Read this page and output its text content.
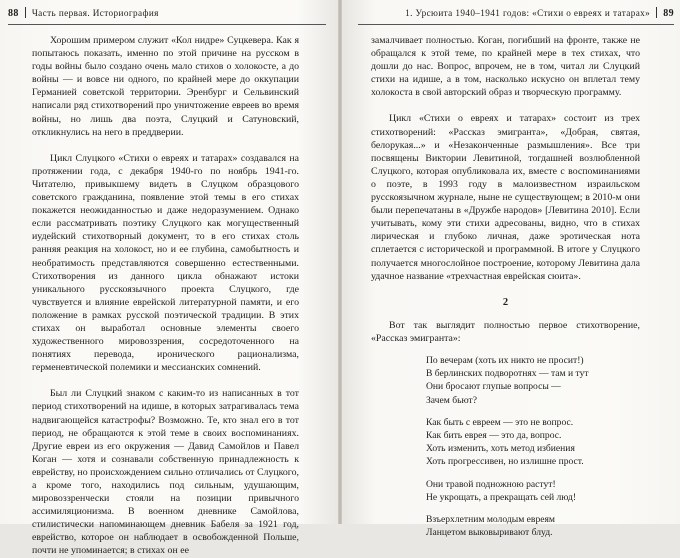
88 Часть первая. Историография

Хорошим примером служит «Кол нидре» Суцкевера. Как я попытаюсь показать, именно по этой причине на русском в годы войны было создано очень мало стихов о холокосте, а до войны — и вовсе ни одного, по крайней мере до оккупации Германией советской территории. Эренбург и Сельвинский написали ряд стихотворений про уничтожение евреев во время войны, но лишь два поэта, Слуцкий и Сатуновский, откликнулись на него в преддверии.

Цикл Слуцкого «Стихи о евреях и татарах» создавался на протяжении года, с декабря 1940-го по ноябрь 1941-го. Читателю, привыкшему видеть в Слуцком образцового советского гражданина, появление этой темы в его стихах покажется неожиданностью и даже недоразумением. Однако если рассматривать поэтику Слуцкого как могущественный иудейский стихотворный документ, то в его стихах столь ранняя реакция на холокост, но и ее глубина, самобытность и необратимость представляются совершенно естественными. Стихотворения из данного цикла обнажают истоки уникального русскоязычного проекта Слуцкого, где чувствуется и влияние еврейской литературной памяти, и его положение в рамках русской поэтической традиции. В этих стихах он выработал основные элементы своего художественного мировоззрения, сосредоточенного на понятиях перевода, иронического рационализма, герменевтической полемики и мессианских сомнений.

Был ли Слуцкий знаком с каким-то из написанных в тот период стихотворений на идише, в которых затрагивалась тема надвигающейся катастрофы? Возможно. Те, кто знал его в тот период, не обращаются к этой теме в своих воспоминаниях. Другие евреи из его окружения — Давид Самойлов и Павел Коган — хотя и сознавали собственную принадлежность к еврейству, но происхождением сильно отличались от Слуцкого, а кроме того, находились под сильным, удушающим, мировоззренчески стояли на позиции привычного ассимиляционизма. В военном дневнике Самойлова, стилистически напоминающем дневник Бабеля за 1921 год, еврейство, которое он наблюдает в освобожденной Польше, почти не упоминается; в стихах он ее

1. Урсюита 1940–1941 годов: «Стихи о евреях и татарах» 89

замалчивает полностью. Коган, погибший на фронте, также не обращался к этой теме, по крайней мере в тех стихах, что дошли до нас. Вопрос, впрочем, не в том, читал ли Слуцкий стихи на идише, а в том, насколько искусно он вплетал тему холокоста в свой авторский образ и творческую программу.

Цикл «Стихи о евреях и татарах» состоит из трех стихотворений: «Рассказ эмигранта», «Добрая, святая, белорукая...» и «Незаконченные размышления». Все три посвящены Виктории Левитиной, тогдашней возлюбленной Слуцкого, которая опубликовала их, вместе с воспоминаниями о поэте, в 1993 году в малоизвестном израильском русскоязычном журнале, ныне не существующем; в 2010-м они были перепечатаны в «Дружбе народов» [Левитина 2010]. Если учитывать, кому эти стихи адресованы, видно, что в стихах лирическая и глубоко личная, даже эротическая нота сплетается с исторической и программной. В итоге у Слуцкого получается многослойное построение, которому Левитина дала удачное название «трехчастная еврейская сюита».

2

Вот так выглядит полностью первое стихотворение, «Рассказ эмигранта»:

По вечерам (хоть их никто не просит!)
В берлинских подворотнях — там и тут
Они бросают глупые вопросы —
Зачем бьют?
Как быть с евреем — это не вопрос.
Как бить еврея — это да, вопрос.
Хоть изменить, хоть метод избиения
Хоть прогрессивен, но излишне прост.
Они травой подножною растут!
Не укрощать, а прекращать сей люд!
Взъерхлетним молодым евреям
Ланцетом выковыривают блуд.
